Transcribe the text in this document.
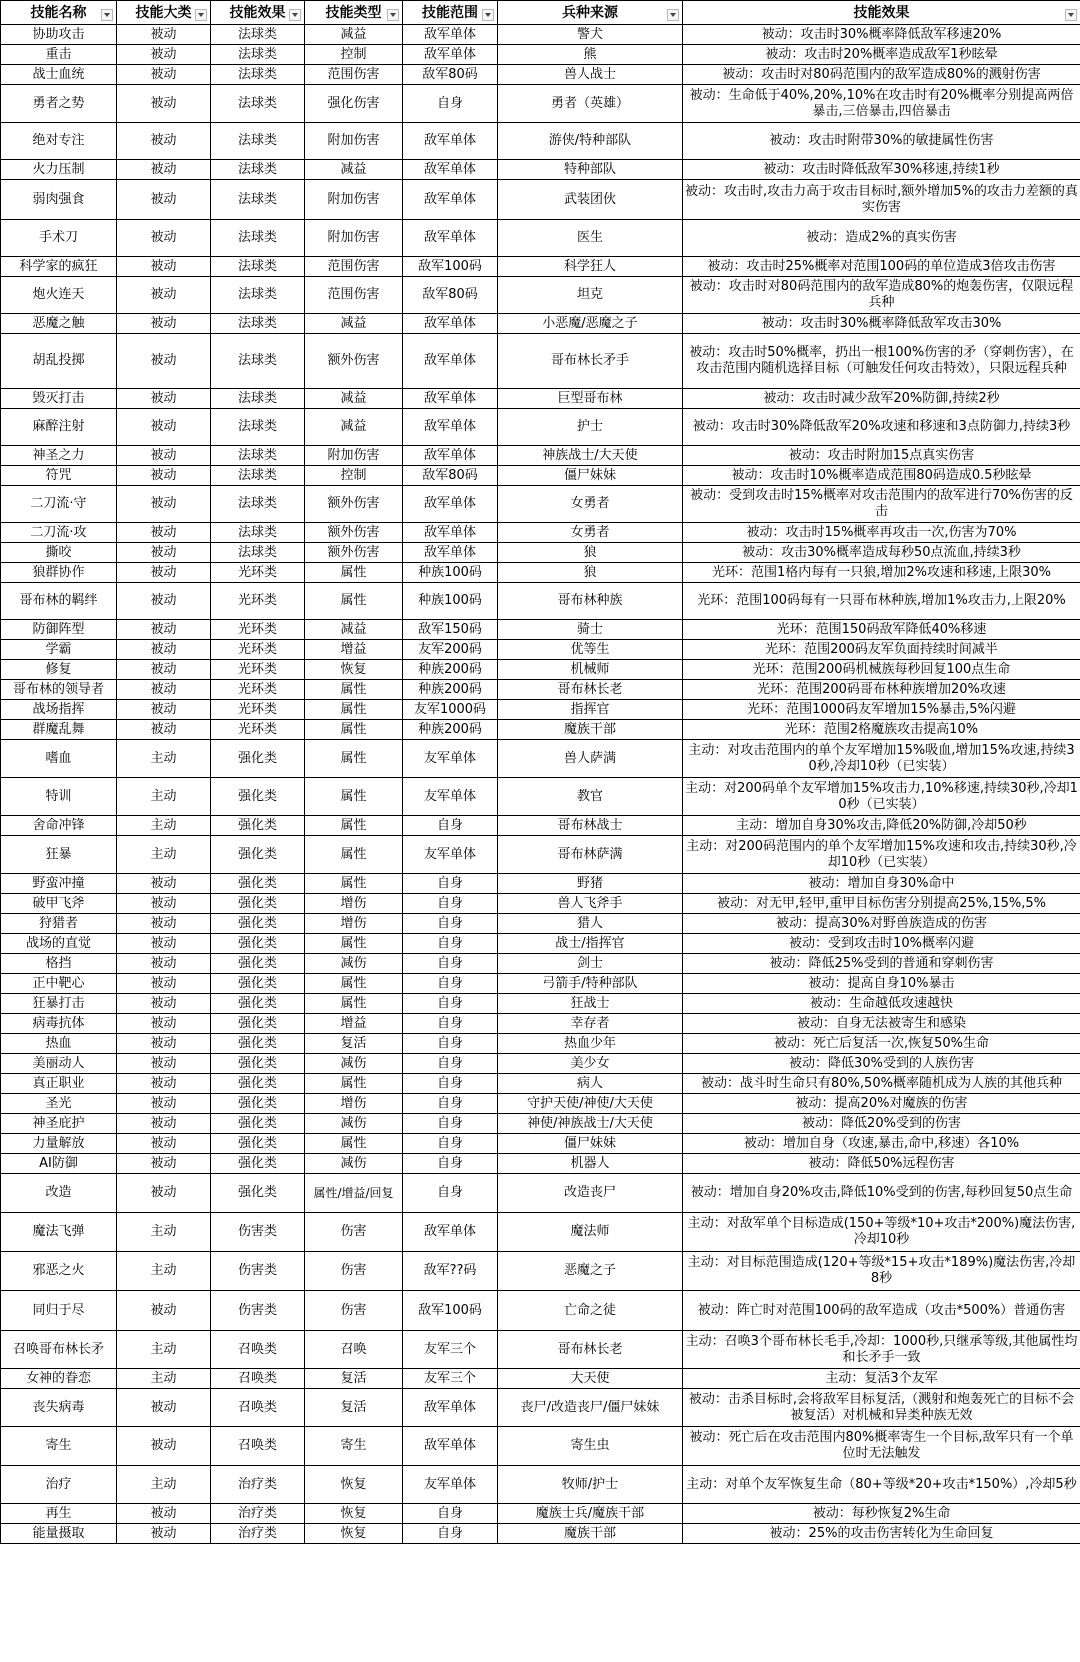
技能名称	技能大类	技能效果	技能类型	技能范围	兵种来源	技能效果

协助攻击	被动	法球类	减益	敌军单体	警犬	被动：攻击时30%概率降低敌军移速20%
重击	被动	法球类	控制	敌军单体	熊	被动：攻击时20%概率造成敌军1秒眩晕
战士血统	被动	法球类	范围伤害	敌军80码	兽人战士	被动：攻击时对80码范围内的敌军造成80%的溅射伤害
勇者之势	被动	法球类	强化伤害	自身	勇者（英雄）	被动：生命低于40%,20%,10%在攻击时有20%概率分别提高两倍暴击,三倍暴击,四倍暴击
绝对专注	被动	法球类	附加伤害	敌军单体	游侠/特种部队	被动：攻击时附带30%的敏捷属性伤害
火力压制	被动	法球类	减益	敌军单体	特种部队	被动：攻击时降低敌军30%移速,持续1秒
弱肉强食	被动	法球类	附加伤害	敌军单体	武装团伙	被动：攻击时,攻击力高于攻击目标时,额外增加5%的攻击力差额的真实伤害
手术刀	被动	法球类	附加伤害	敌军单体	医生	被动：造成2%的真实伤害
科学家的疯狂	被动	法球类	范围伤害	敌军100码	科学狂人	被动：攻击时25%概率对范围100码的单位造成3倍攻击伤害
炮火连天	被动	法球类	范围伤害	敌军80码	坦克	被动：攻击时对80码范围内的敌军造成80%的炮轰伤害，仅限远程兵种
恶魔之触	被动	法球类	减益	敌军单体	小恶魔/恶魔之子	被动：攻击时30%概率降低敌军攻击30%
胡乱投掷	被动	法球类	额外伤害	敌军单体	哥布林长矛手	被动：攻击时50%概率，扔出一根100%伤害的矛（穿刺伤害），在攻击范围内随机选择目标（可触发任何攻击特效），只限远程兵种
毁灭打击	被动	法球类	减益	敌军单体	巨型哥布林	被动：攻击时减少敌军20%防御,持续2秒
麻醉注射	被动	法球类	减益	敌军单体	护士	被动：攻击时30%降低敌军20%攻速和移速和3点防御力,持续3秒
神圣之力	被动	法球类	附加伤害	敌军单体	神族战士/大天使	被动：攻击时附加15点真实伤害
符咒	被动	法球类	控制	敌军80码	僵尸妹妹	被动：攻击时10%概率造成范围80码造成0.5秒眩晕
二刀流·守	被动	法球类	额外伤害	敌军单体	女勇者	被动：受到攻击时15%概率对攻击范围内的敌军进行70%伤害的反击
二刀流·攻	被动	法球类	额外伤害	敌军单体	女勇者	被动：攻击时15%概率再攻击一次,伤害为70%
撕咬	被动	法球类	额外伤害	敌军单体	狼	被动：攻击30%概率造成每秒50点流血,持续3秒
狼群协作	被动	光环类	属性	种族100码	狼	光环：范围1格内每有一只狼,增加2%攻速和移速,上限30%
哥布林的羁绊	被动	光环类	属性	种族100码	哥布林种族	光环：范围100码每有一只哥布林种族,增加1%攻击力,上限20%
防御阵型	被动	光环类	减益	敌军150码	骑士	光环：范围150码敌军降低40%移速
学霸	被动	光环类	增益	友军200码	优等生	光环：范围200码友军负面持续时间减半
修复	被动	光环类	恢复	种族200码	机械师	光环：范围200码机械族每秒回复100点生命
哥布林的领导者	被动	光环类	属性	种族200码	哥布林长老	光环：范围200码哥布林种族增加20%攻速
战场指挥	被动	光环类	属性	友军1000码	指挥官	光环：范围1000码友军增加15%暴击,5%闪避
群魔乱舞	被动	光环类	属性	种族200码	魔族干部	光环：范围2格魔族攻击提高10%
嗜血	主动	强化类	属性	友军单体	兽人萨满	主动：对攻击范围内的单个友军增加15%吸血,增加15%攻速,持续30秒,冷却10秒（已实装）
特训	主动	强化类	属性	友军单体	教官	主动：对200码单个友军增加15%攻击力,10%移速,持续30秒,冷却10秒（已实装）
舍命冲锋	主动	强化类	属性	自身	哥布林战士	主动：增加自身30%攻击,降低20%防御,冷却50秒
狂暴	主动	强化类	属性	友军单体	哥布林萨满	主动：对200码范围内的单个友军增加15%攻速和攻击,持续30秒,冷却10秒（已实装）
野蛮冲撞	被动	强化类	属性	自身	野猪	被动：增加自身30%命中
破甲飞斧	被动	强化类	增伤	自身	兽人飞斧手	被动：对无甲,轻甲,重甲目标伤害分别提高25%,15%,5%
狩猎者	被动	强化类	增伤	自身	猎人	被动：提高30%对野兽族造成的伤害
战场的直觉	被动	强化类	属性	自身	战士/指挥官	被动：受到攻击时10%概率闪避
格挡	被动	强化类	减伤	自身	剑士	被动：降低25%受到的普通和穿刺伤害
正中靶心	被动	强化类	属性	自身	弓箭手/特种部队	被动：提高自身10%暴击
狂暴打击	被动	强化类	属性	自身	狂战士	被动：生命越低攻速越快
病毒抗体	被动	强化类	增益	自身	幸存者	被动：自身无法被寄生和感染
热血	被动	强化类	复活	自身	热血少年	被动：死亡后复活一次,恢复50%生命
美丽动人	被动	强化类	减伤	自身	美少女	被动：降低30%受到的人族伤害
真正职业	被动	强化类	属性	自身	病人	被动：战斗时生命只有80%,50%概率随机成为人族的其他兵种
圣光	被动	强化类	增伤	自身	守护天使/神使/大天使	被动：提高20%对魔族的伤害
神圣庇护	被动	强化类	减伤	自身	神使/神族战士/大天使	被动：降低20%受到的伤害
力量解放	被动	强化类	属性	自身	僵尸妹妹	被动：增加自身（攻速,暴击,命中,移速）各10%
AI防御	被动	强化类	减伤	自身	机器人	被动：降低50%远程伤害
改造	被动	强化类	属性/增益/回复	自身	改造丧尸	被动：增加自身20%攻击,降低10%受到的伤害,每秒回复50点生命
魔法飞弹	主动	伤害类	伤害	敌军单体	魔法师	主动：对敌军单个目标造成(150+等级*10+攻击*200%)魔法伤害,冷却10秒
邪恶之火	主动	伤害类	伤害	敌军??码	恶魔之子	主动：对目标范围造成(120+等级*15+攻击*189%)魔法伤害,冷却8秒
同归于尽	被动	伤害类	伤害	敌军100码	亡命之徒	被动：阵亡时对范围100码的敌军造成（攻击*500%）普通伤害
召唤哥布林长矛	主动	召唤类	召唤	友军三个	哥布林长老	主动：召唤3个哥布林长毛手,冷却：1000秒,只继承等级,其他属性均和长矛手一致
女神的眷恋	主动	召唤类	复活	友军三个	大天使	主动：复活3个友军
丧失病毒	被动	召唤类	复活	敌军单体	丧尸/改造丧尸/僵尸妹妹	被动：击杀目标时,会将敌军目标复活,（溅射和炮轰死亡的目标不会被复活）对机械和异类种族无效
寄生	被动	召唤类	寄生	敌军单体	寄生虫	被动：死亡后在攻击范围内80%概率寄生一个目标,敌军只有一个单位时无法触发
治疗	主动	治疗类	恢复	友军单体	牧师/护士	主动：对单个友军恢复生命（80+等级*20+攻击*150%）,冷却5秒
再生	被动	治疗类	恢复	自身	魔族士兵/魔族干部	被动：每秒恢复2%生命
能量摄取	被动	治疗类	恢复	自身	魔族干部	被动：25%的攻击伤害转化为生命回复
